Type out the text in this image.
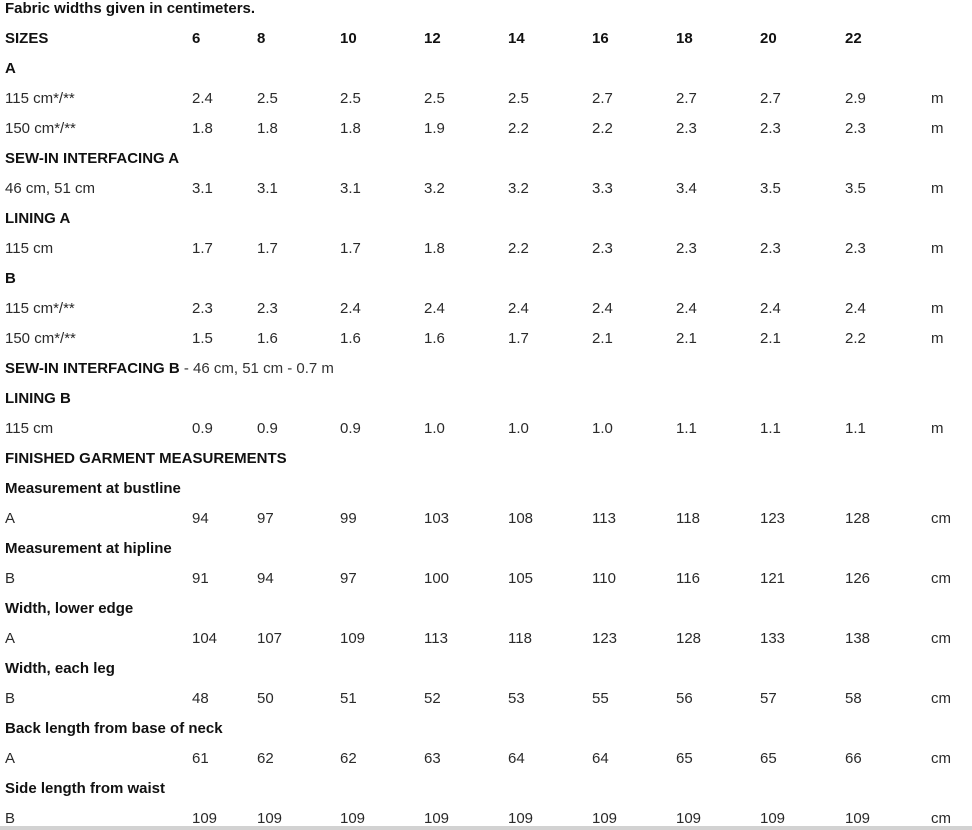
Fabric widths given in centimeters.
SIZES	6	8	10	12	14	16	18	20	22
A
115 cm*/**	2.4	2.5	2.5	2.5	2.5	2.7	2.7	2.7	2.9	m
150 cm*/**	1.8	1.8	1.8	1.9	2.2	2.2	2.3	2.3	2.3	m
SEW-IN INTERFACING A
46 cm, 51 cm	3.1	3.1	3.1	3.2	3.2	3.3	3.4	3.5	3.5	m
LINING A
115 cm	1.7	1.7	1.7	1.8	2.2	2.3	2.3	2.3	2.3	m
B
115 cm*/**	2.3	2.3	2.4	2.4	2.4	2.4	2.4	2.4	2.4	m
150 cm*/**	1.5	1.6	1.6	1.6	1.7	2.1	2.1	2.1	2.2	m
SEW-IN INTERFACING B - 46 cm, 51 cm - 0.7 m
LINING B
115 cm	0.9	0.9	0.9	1.0	1.0	1.0	1.1	1.1	1.1	m
FINISHED GARMENT MEASUREMENTS
Measurement at bustline
A	94	97	99	103	108	113	118	123	128	cm
Measurement at hipline
B	91	94	97	100	105	110	116	121	126	cm
Width, lower edge
A	104	107	109	113	118	123	128	133	138	cm
Width, each leg
B	48	50	51	52	53	55	56	57	58	cm
Back length from base of neck
A	61	62	62	63	64	64	65	65	66	cm
Side length from waist
B	109	109	109	109	109	109	109	109	109	cm
